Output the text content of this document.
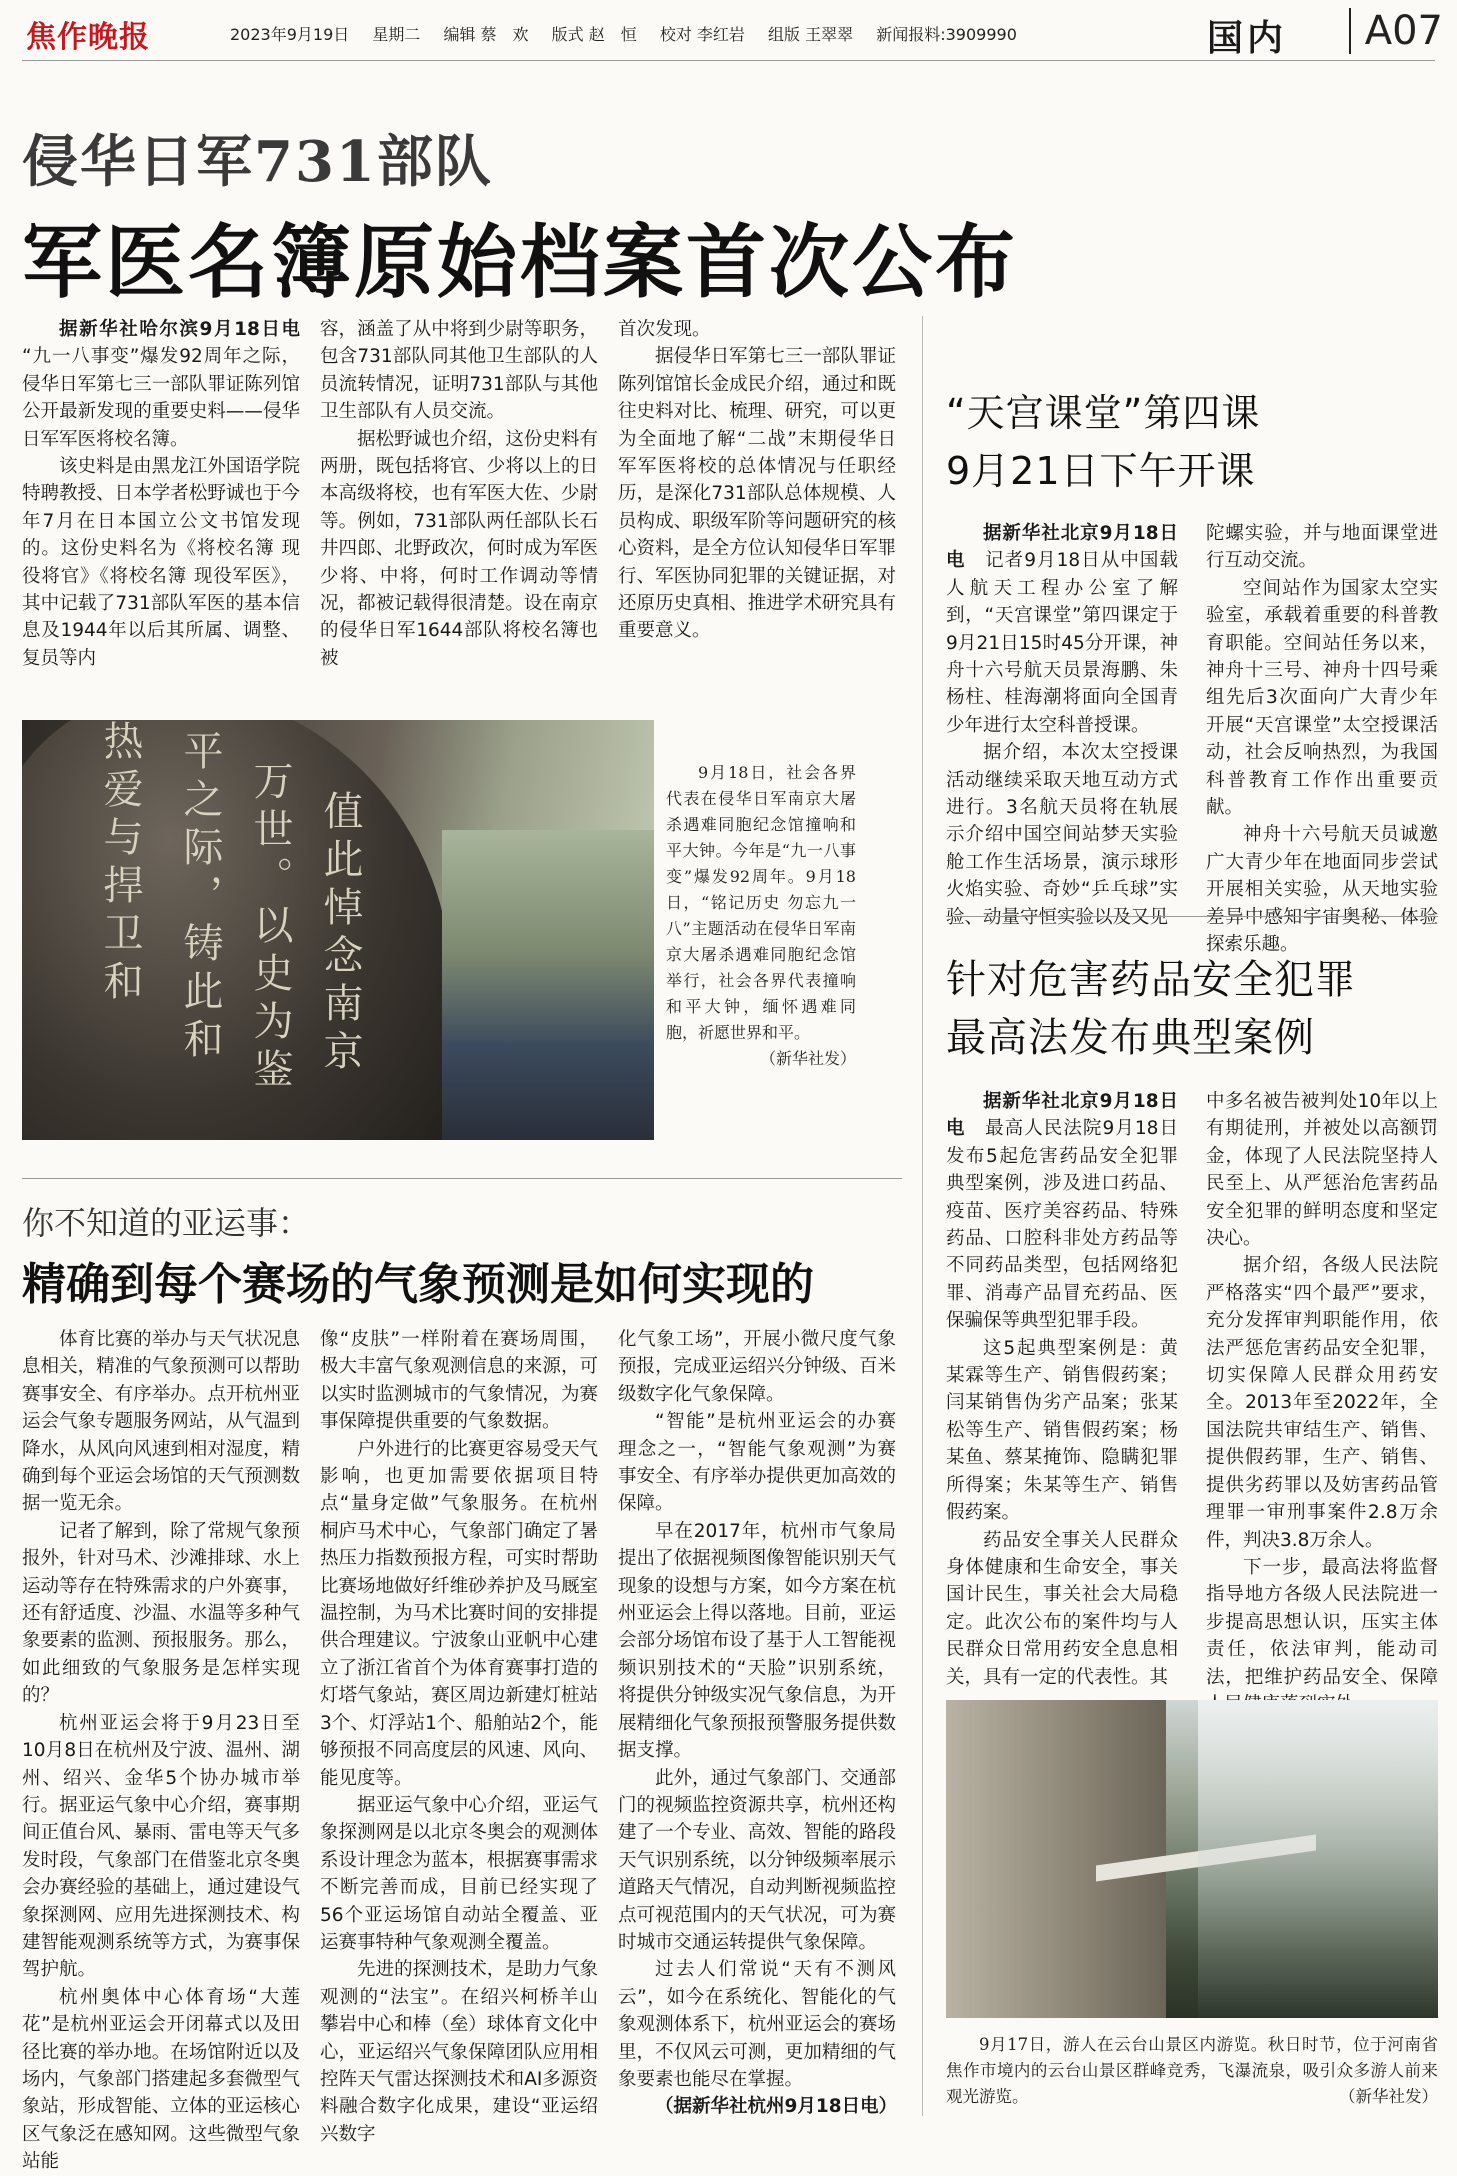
焦作晚报	2023年9月19日 星期二 编辑 蔡　欢 版式 赵　恒 校对 李红岩 组版 王翠翠 新闻报料:3909990	国内	A07
侵华日军731部队
军医名簿原始档案首次公布

据新华社哈尔滨9月18日电　“九一八事变”爆发92周年之际，侵华日军第七三一部队罪证陈列馆公开最新发现的重要史料——侵华日军军医将校名簿。

该史料是由黑龙江外国语学院特聘教授、日本学者松野诚也于今年7月在日本国立公文书馆发现的。这份史料名为《将校名簿 现役将官》《将校名簿 现役军医》，其中记载了731部队军医的基本信息及1944年以后其所属、调整、复员等内

容，涵盖了从中将到少尉等职务，包含731部队同其他卫生部队的人员流转情况，证明731部队与其他卫生部队有人员交流。

据松野诚也介绍，这份史料有两册，既包括将官、少将以上的日本高级将校，也有军医大佐、少尉等。例如，731部队两任部队长石井四郎、北野政次，何时成为军医少将、中将，何时工作调动等情况，都被记载得很清楚。设在南京的侵华日军1644部队将校名簿也被

首次发现。

据侵华日军第七三一部队罪证陈列馆馆长金成民介绍，通过和既往史料对比、梳理、研究，可以更为全面地了解“二战”末期侵华日军军医将校的总体情况与任职经历，是深化731部队总体规模、人员构成、职级军阶等问题研究的核心资料，是全方位认知侵华日军罪行、军医协同犯罪的关键证据，对还原历史真相、推进学术研究具有重要意义。

值此悼念南京
万世。以史为鉴
平之际，铸此和
热爱与捍卫和	9月18日，社会各界代表在侵华日军南京大屠杀遇难同胞纪念馆撞响和平大钟。今年是“九一八事变”爆发92周年。9月18日，“铭记历史 勿忘九一八”主题活动在侵华日军南京大屠杀遇难同胞纪念馆举行，社会各界代表撞响和平大钟，缅怀遇难同胞，祈愿世界和平。
（新华社发）
你不知道的亚运事：
精确到每个赛场的气象预测是如何实现的

体育比赛的举办与天气状况息息相关，精准的气象预测可以帮助赛事安全、有序举办。点开杭州亚运会气象专题服务网站，从气温到降水，从风向风速到相对湿度，精确到每个亚运会场馆的天气预测数据一览无余。

记者了解到，除了常规气象预报外，针对马术、沙滩排球、水上运动等存在特殊需求的户外赛事，还有舒适度、沙温、水温等多种气象要素的监测、预报服务。那么，如此细致的气象服务是怎样实现的？

杭州亚运会将于9月23日至10月8日在杭州及宁波、温州、湖州、绍兴、金华5个协办城市举行。据亚运气象中心介绍，赛事期间正值台风、暴雨、雷电等天气多发时段，气象部门在借鉴北京冬奥会办赛经验的基础上，通过建设气象探测网、应用先进探测技术、构建智能观测系统等方式，为赛事保驾护航。

杭州奥体中心体育场“大莲花”是杭州亚运会开闭幕式以及田径比赛的举办地。在场馆附近以及场内，气象部门搭建起多套微型气象站，形成智能、立体的亚运核心区气象泛在感知网。这些微型气象站能

像“皮肤”一样附着在赛场周围，极大丰富气象观测信息的来源，可以实时监测城市的气象情况，为赛事保障提供重要的气象数据。

户外进行的比赛更容易受天气影响，也更加需要依据项目特点“量身定做”气象服务。在杭州桐庐马术中心，气象部门确定了暑热压力指数预报方程，可实时帮助比赛场地做好纤维砂养护及马厩室温控制，为马术比赛时间的安排提供合理建议。宁波象山亚帆中心建立了浙江省首个为体育赛事打造的灯塔气象站，赛区周边新建灯桩站3个、灯浮站1个、船舶站2个，能够预报不同高度层的风速、风向、能见度等。

据亚运气象中心介绍，亚运气象探测网是以北京冬奥会的观测体系设计理念为蓝本，根据赛事需求不断完善而成，目前已经实现了56个亚运场馆自动站全覆盖、亚运赛事特种气象观测全覆盖。

先进的探测技术，是助力气象观测的“法宝”。在绍兴柯桥羊山攀岩中心和棒（垒）球体育文化中心，亚运绍兴气象保障团队应用相控阵天气雷达探测技术和AI多源资料融合数字化成果，建设“亚运绍兴数字

化气象工场”，开展小微尺度气象预报，完成亚运绍兴分钟级、百米级数字化气象保障。

“智能”是杭州亚运会的办赛理念之一，“智能气象观测”为赛事安全、有序举办提供更加高效的保障。

早在2017年，杭州市气象局提出了依据视频图像智能识别天气现象的设想与方案，如今方案在杭州亚运会上得以落地。目前，亚运会部分场馆布设了基于人工智能视频识别技术的“天脸”识别系统，将提供分钟级实况气象信息，为开展精细化气象预报预警服务提供数据支撑。

此外，通过气象部门、交通部门的视频监控资源共享，杭州还构建了一个专业、高效、智能的路段天气识别系统，以分钟级频率展示道路天气情况，自动判断视频监控点可视范围内的天气状况，可为赛时城市交通运转提供气象保障。

过去人们常说“天有不测风云”，如今在系统化、智能化的气象观测体系下，杭州亚运会的赛场里，不仅风云可测，更加精细的气象要素也能尽在掌握。

（据新华社杭州9月18日电）

“天宫课堂”第四课
9月21日下午开课

据新华社北京9月18日电　 记者9月18日从中国载人航天工程办公室了解到，“天宫课堂”第四课定于9月21日15时45分开课，神舟十六号航天员景海鹏、朱杨柱、桂海潮将面向全国青少年进行太空科普授课。

据介绍，本次太空授课活动继续采取天地互动方式进行。3名航天员将在轨展示介绍中国空间站梦天实验舱工作生活场景，演示球形火焰实验、奇妙“乒乓球”实验、动量守恒实验以及又见

陀螺实验，并与地面课堂进行互动交流。

空间站作为国家太空实验室，承载着重要的科普教育职能。空间站任务以来，神舟十三号、神舟十四号乘组先后3次面向广大青少年开展“天宫课堂”太空授课活动，社会反响热烈，为我国科普教育工作作出重要贡献。

神舟十六号航天员诚邀广大青少年在地面同步尝试开展相关实验，从天地实验差异中感知宇宙奥秘、体验探索乐趣。

针对危害药品安全犯罪
最高法发布典型案例

据新华社北京9月18日电　 最高人民法院9月18日发布5起危害药品安全犯罪典型案例，涉及进口药品、疫苗、医疗美容药品、特殊药品、口腔科非处方药品等不同药品类型，包括网络犯罪、消毒产品冒充药品、医保骗保等典型犯罪手段。

这5起典型案例是：黄某霖等生产、销售假药案；闫某销售伪劣产品案；张某松等生产、销售假药案；杨某鱼、蔡某掩饰、隐瞒犯罪所得案；朱某等生产、销售假药案。

药品安全事关人民群众身体健康和生命安全，事关国计民生，事关社会大局稳定。此次公布的案件均与人民群众日常用药安全息息相关，具有一定的代表性。其

中多名被告被判处10年以上有期徒刑，并被处以高额罚金，体现了人民法院坚持人民至上、从严惩治危害药品安全犯罪的鲜明态度和坚定决心。

据介绍，各级人民法院严格落实“四个最严”要求，充分发挥审判职能作用，依法严惩危害药品安全犯罪，切实保障人民群众用药安全。2013年至2022年，全国法院共审结生产、销售、提供假药罪，生产、销售、提供劣药罪以及妨害药品管理罪一审刑事案件2.8万余件，判决3.8万余人。

下一步，最高法将监督指导地方各级人民法院进一步提高思想认识，压实主体责任，依法审判，能动司法，把维护药品安全、保障

9月17日，游人在云台山景区内游览。秋日时节，位于河南省焦作市境内的云台山景区群峰竞秀，飞瀑流泉，吸引众多游人前来观光游览。	（新华社发）
